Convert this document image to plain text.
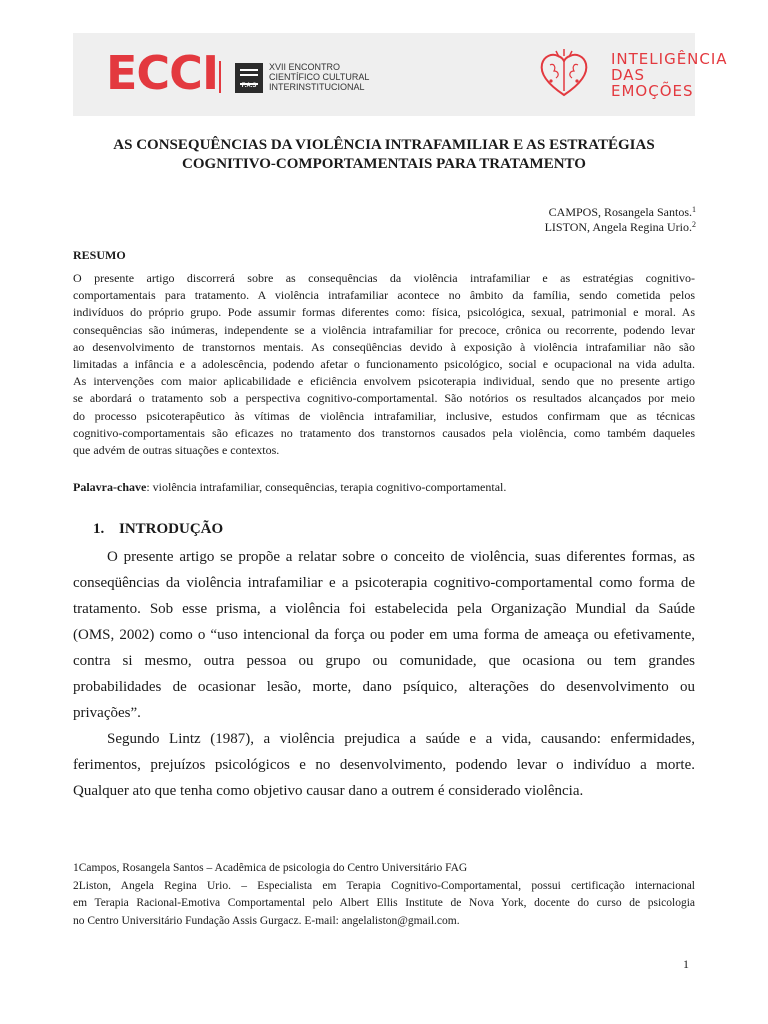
ECCI	F.A.S
XVII ENCONTRO
CIENTÍFICO CULTURAL
INTERINSTITUCIONAL
INTELIGÊNCIA
DAS
EMOÇÕES
AS CONSEQUÊNCIAS DA VIOLÊNCIA INTRAFAMILIAR E AS ESTRATÉGIAS
COGNITIVO-COMPORTAMENTAIS PARA TRATAMENTO
CAMPOS, Rosangela Santos.$^1$
LISTON, Angela Regina Urio.$^2$
RESUMO
O presente artigo discorrerá sobre as consequências da violência intrafamiliar e as estratégias cognitivo-
comportamentais para tratamento. A violência intrafamiliar acontece no âmbito da família, sendo cometida pelos
indivíduos do próprio grupo. Pode assumir formas diferentes como: física, psicológica, sexual, patrimonial e moral. As
consequências são inúmeras, independente se a violência intrafamiliar for precoce, crônica ou recorrente, podendo levar
ao desenvolvimento de transtornos mentais. As conseqüências devido à exposição à violência intrafamiliar não são
limitadas a infância e a adolescência, podendo afetar o funcionamento psicológico, social e ocupacional na vida adulta.
As intervenções com maior aplicabilidade e eficiência envolvem psicoterapia individual, sendo que no presente artigo
se abordará o tratamento sob a perspectiva cognitivo-comportamental. São notórios os resultados alcançados por meio
do processo psicoterapêutico às vítimas de violência intrafamiliar, inclusive, estudos confirmam que as técnicas
cognitivo-comportamentais são eficazes no tratamento dos transtornos causados pela violência, como também daqueles
que advém de outras situações e contextos.
Palavra-chave: violência intrafamiliar, consequências, terapia cognitivo-comportamental.
1. INTRODUÇÃO
O presente artigo se propõe a relatar sobre o conceito de violência, suas diferentes formas, as
conseqüências da violência intrafamiliar e a psicoterapia cognitivo-comportamental como forma de
tratamento. Sob esse prisma, a violência foi estabelecida pela Organização Mundial da Saúde
(OMS, 2002) como o “uso intencional da força ou poder em uma forma de ameaça ou efetivamente,
contra si mesmo, outra pessoa ou grupo ou comunidade, que ocasiona ou tem grandes
probabilidades de ocasionar lesão, morte, dano psíquico, alterações do desenvolvimento ou
privações”.
Segundo Lintz (1987), a violência prejudica a saúde e a vida, causando: enfermidades,
ferimentos, prejuízos psicológicos e no desenvolvimento, podendo levar o indivíduo a morte.
Qualquer ato que tenha como objetivo causar dano a outrem é considerado violência.
1Campos, Rosangela Santos – Acadêmica de psicologia do Centro Universitário FAG
2Liston, Angela Regina Urio. – Especialista em Terapia Cognitivo-Comportamental, possui certificação internacional
em Terapia Racional-Emotiva Comportamental pelo Albert Ellis Institute de Nova York, docente do curso de psicologia
no Centro Universitário Fundação Assis Gurgacz. E-mail: angelaliston@gmail.com.
1
